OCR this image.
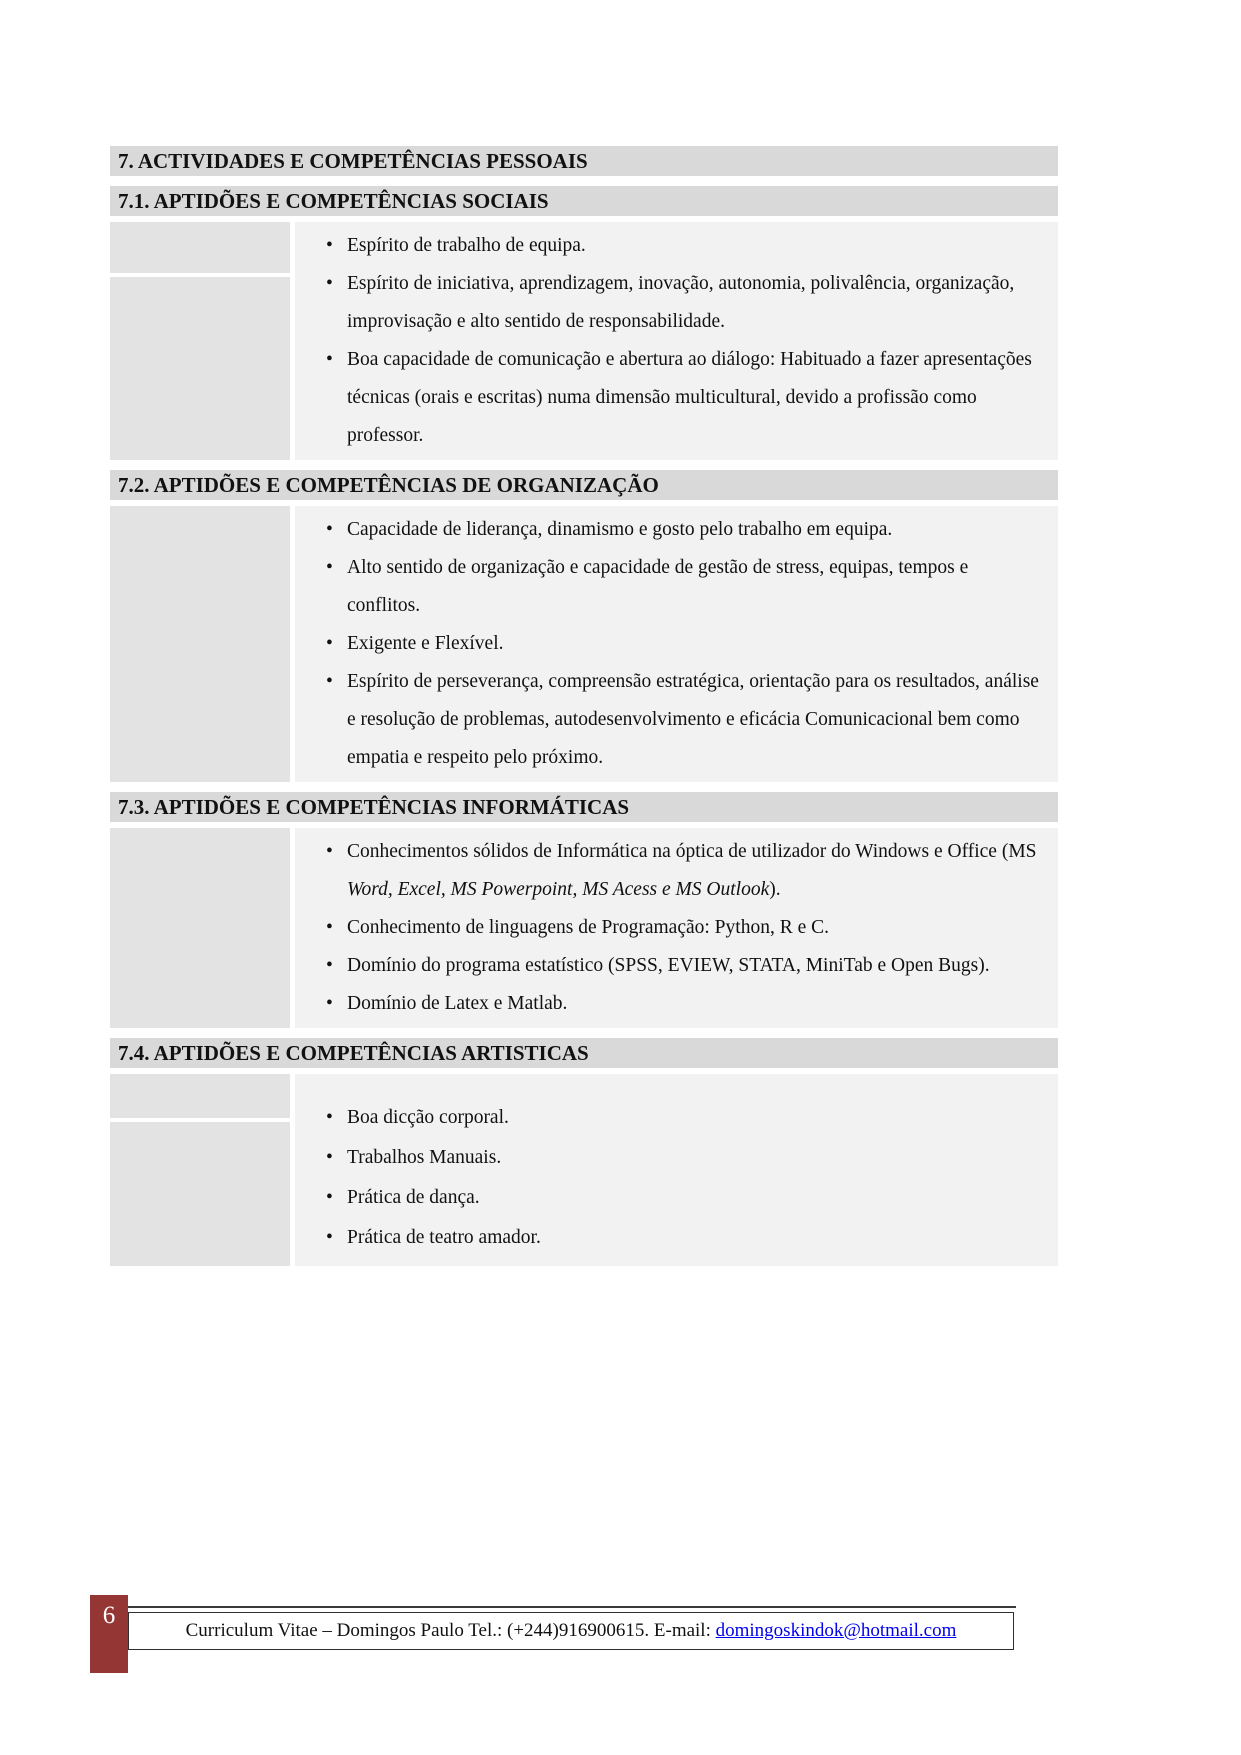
7. ACTIVIDADES E COMPETÊNCIAS PESSOAIS
7.1. APTIDÕES E COMPETÊNCIAS SOCIAIS
• Espírito de trabalho de equipa.
• Espírito de iniciativa, aprendizagem, inovação, autonomia, polivalência, organização, improvisação e alto sentido de responsabilidade.
• Boa capacidade de comunicação e abertura ao diálogo: Habituado a fazer apresentações técnicas (orais e escritas) numa dimensão multicultural, devido a profissão como professor.
7.2. APTIDÕES E COMPETÊNCIAS DE ORGANIZAÇÃO
• Capacidade de liderança, dinamismo e gosto pelo trabalho em equipa.
• Alto sentido de organização e capacidade de gestão de stress, equipas, tempos e conflitos.
• Exigente e Flexível.
• Espírito de perseverança, compreensão estratégica, orientação para os resultados, análise e resolução de problemas, autodesenvolvimento e eficácia Comunicacional bem como empatia e respeito pelo próximo.
7.3. APTIDÕES E COMPETÊNCIAS INFORMÁTICAS
• Conhecimentos sólidos de Informática na óptica de utilizador do Windows e Office (MS Word, Excel, MS Powerpoint, MS Acess e MS Outlook).
• Conhecimento de linguagens de Programação: Python, R e C.
• Domínio do programa estatístico (SPSS, EVIEW, STATA, MiniTab e Open Bugs).
• Domínio de Latex e Matlab.
7.4. APTIDÕES E COMPETÊNCIAS ARTISTICAS
• Boa dicção corporal.
• Trabalhos Manuais.
• Prática de dança.
• Prática de teatro amador.
6
Curriculum Vitae – Domingos Paulo Tel.: (+244)916900615. E-mail: domingoskindok@hotmail.com
